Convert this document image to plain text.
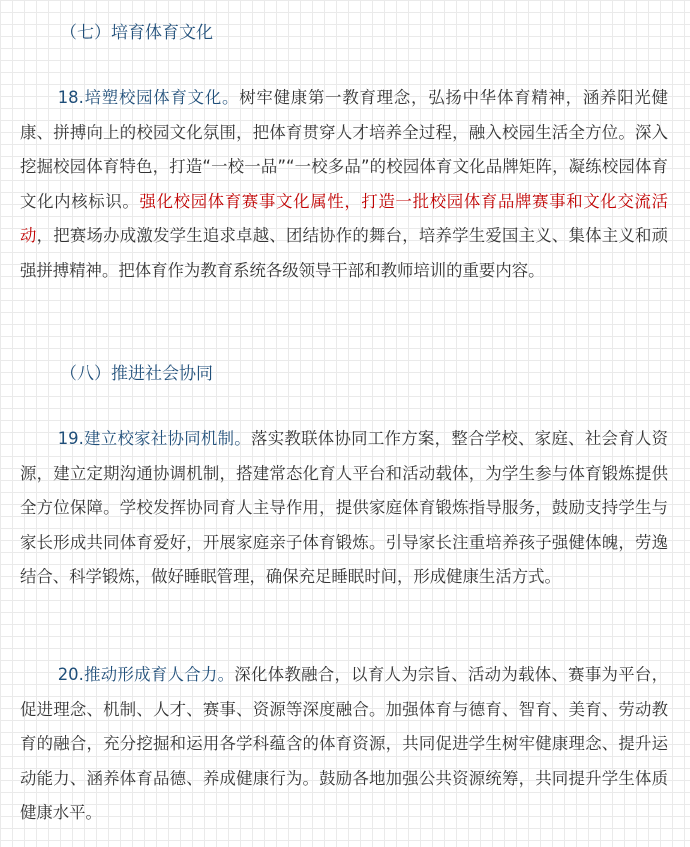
（七）培育体育文化
18.培塑校园体育文化。树牢健康第一教育理念，弘扬中华体育精神，涵养阳光健康、拼搏向上的校园文化氛围，把体育贯穿人才培养全过程，融入校园生活全方位。深入挖掘校园体育特色，打造“一校一品”“一校多品”的校园体育文化品牌矩阵，凝练校园体育文化内核标识。强化校园体育赛事文化属性，打造一批校园体育品牌赛事和文化交流活动，把赛场办成激发学生追求卓越、团结协作的舞台，培养学生爱国主义、集体主义和顽强拼搏精神。把体育作为教育系统各级领导干部和教师培训的重要内容。
（八）推进社会协同
19.建立校家社协同机制。落实教联体协同工作方案，整合学校、家庭、社会育人资源，建立定期沟通协调机制，搭建常态化育人平台和活动载体，为学生参与体育锻炼提供全方位保障。学校发挥协同育人主导作用，提供家庭体育锻炼指导服务，鼓励支持学生与家长形成共同体育爱好，开展家庭亲子体育锻炼。引导家长注重培养孩子强健体魄，劳逸结合、科学锻炼，做好睡眠管理，确保充足睡眠时间，形成健康生活方式。
20.推动形成育人合力。深化体教融合，以育人为宗旨、活动为载体、赛事为平台，促进理念、机制、人才、赛事、资源等深度融合。加强体育与德育、智育、美育、劳动教育的融合，充分挖掘和运用各学科蕴含的体育资源，共同促进学生树牢健康理念、提升运动能力、涵养体育品德、养成健康行为。鼓励各地加强公共资源统筹，共同提升学生体质健康水平。
